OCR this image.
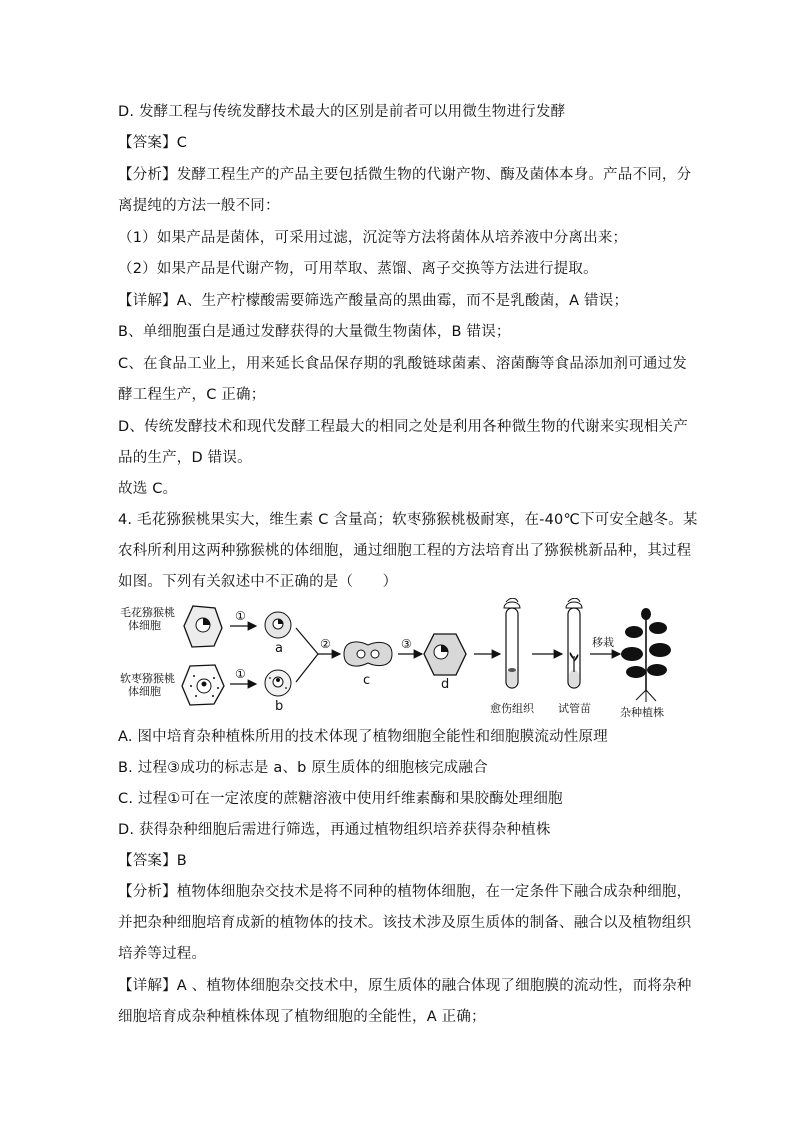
D. 发酵工程与传统发酵技术最大的区别是前者可以用微生物进行发酵
【答案】C
【分析】发酵工程生产的产品主要包括微生物的代谢产物、酶及菌体本身。产品不同，分
离提纯的方法一般不同：
（1）如果产品是菌体，可采用过滤，沉淀等方法将菌体从培养液中分离出来；
（2）如果产品是代谢产物，可用萃取、蒸馏、离子交换等方法进行提取。
【详解】A、生产柠檬酸需要筛选产酸量高的黑曲霉，而不是乳酸菌，A 错误；
B、单细胞蛋白是通过发酵获得的大量微生物菌体，B 错误；
C、在食品工业上，用来延长食品保存期的乳酸链球菌素、溶菌酶等食品添加剂可通过发
酵工程生产，C 正确；
D、传统发酵技术和现代发酵工程最大的相同之处是利用各种微生物的代谢来实现相关产
品的生产，D 错误。
故选 C。
4. 毛花猕猴桃果实大，维生素 C 含量高；软枣猕猴桃极耐寒，在-40℃下可安全越冬。某
农科所利用这两种猕猴桃的体细胞，通过细胞工程的方法培育出了猕猴桃新品种，其过程
如图。下列有关叙述中不正确的是（　　）
毛花猕猴桃
体细胞
软枣猕猴桃
体细胞
①
①
a
b
②
c
③
d
愈伤组织 试管苗
移栽
杂种植株
A. 图中培育杂种植株所用的技术体现了植物细胞全能性和细胞膜流动性原理
B. 过程③成功的标志是 a、b 原生质体的细胞核完成融合
C. 过程①可在一定浓度的蔗糖溶液中使用纤维素酶和果胶酶处理细胞
D. 获得杂种细胞后需进行筛选，再通过植物组织培养获得杂种植株
【答案】B
【分析】植物体细胞杂交技术是将不同种的植物体细胞，在一定条件下融合成杂种细胞，
并把杂种细胞培育成新的植物体的技术。该技术涉及原生质体的制备、融合以及植物组织
培养等过程。
【详解】A 、植物体细胞杂交技术中，原生质体的融合体现了细胞膜的流动性，而将杂种
细胞培育成杂种植株体现了植物细胞的全能性，A 正确；
